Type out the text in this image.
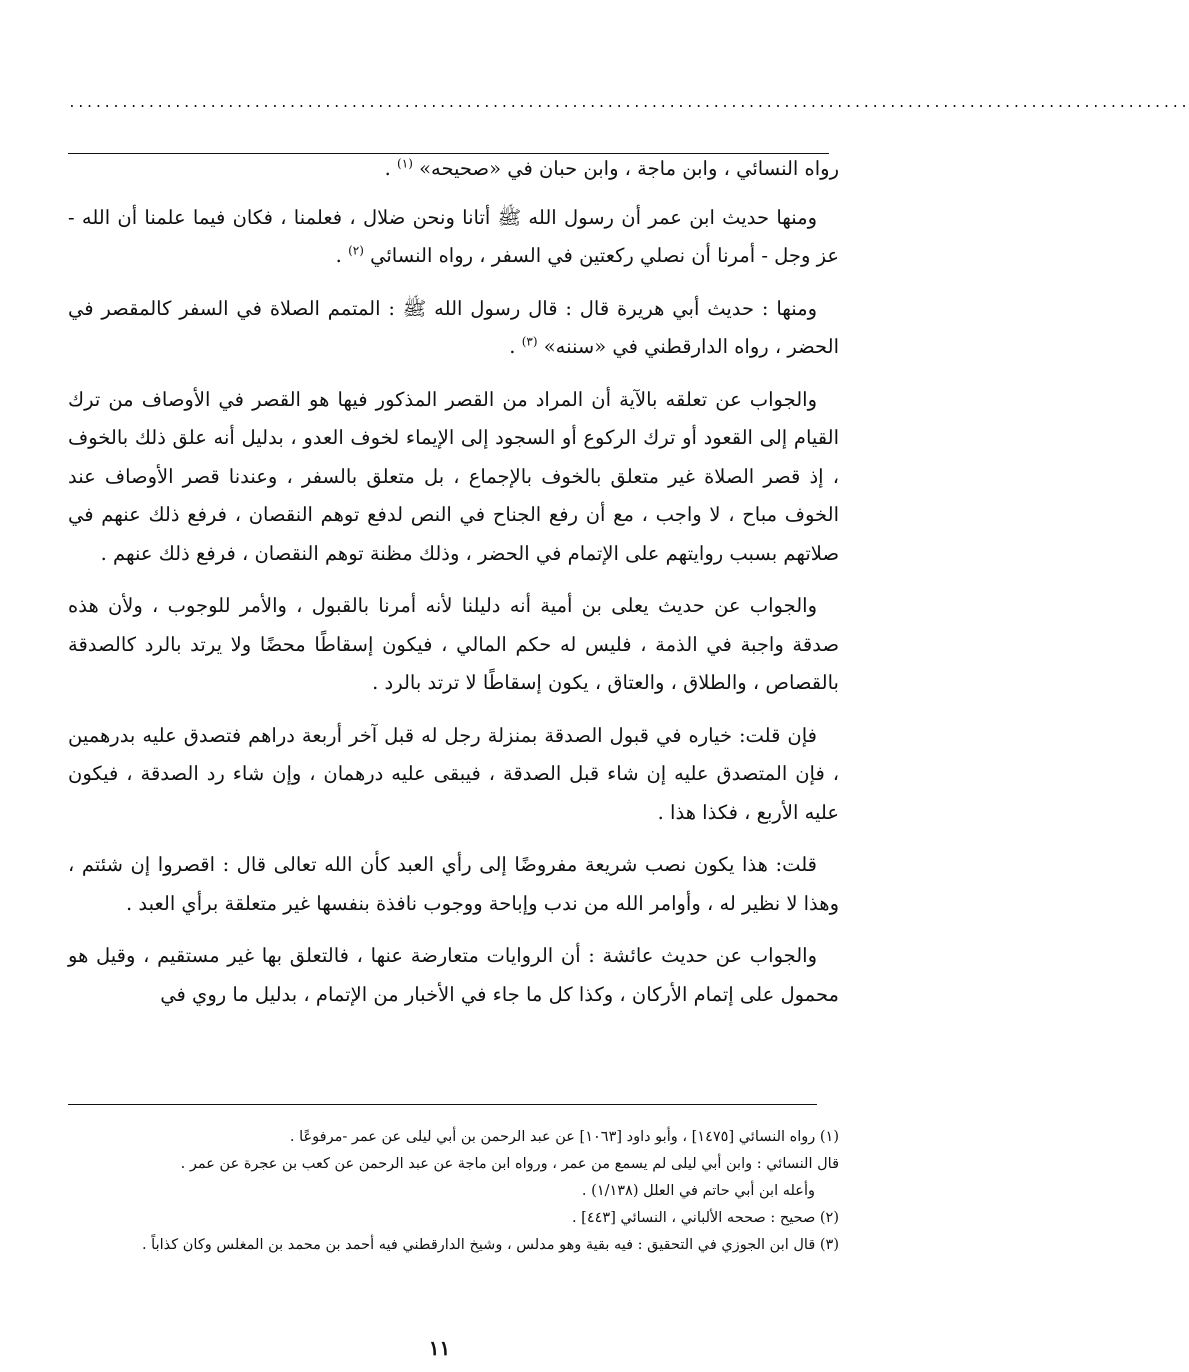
...............................................................................................................................

رواه النسائي ، وابن ماجة ، وابن حبان في «صحيحه» $^{(١)}$ .

ومنها حديث ابن عمر أن رسول الله ﷺ أتانا ونحن ضلال ، فعلمنا ، فكان فيما علمنا أن الله - عز وجل - أمرنا أن نصلي ركعتين في السفر ، رواه النسائي $^{(٢)}$ .

ومنها : حديث أبي هريرة قال : قال رسول الله ﷺ : المتمم الصلاة في السفر كالمقصر في الحضر ، رواه الدارقطني في «سننه» $^{(٣)}$ .

والجواب عن تعلقه بالآية أن المراد من القصر المذكور فيها هو القصر في الأوصاف من ترك القيام إلى القعود أو ترك الركوع أو السجود إلى الإيماء لخوف العدو ، بدليل أنه علق ذلك بالخوف ، إذ قصر الصلاة غير متعلق بالخوف بالإجماع ، بل متعلق بالسفر ، وعندنا قصر الأوصاف عند الخوف مباح ، لا واجب ، مع أن رفع الجناح في النص لدفع توهم النقصان ، فرفع ذلك عنهم في صلاتهم بسبب روايتهم على الإتمام في الحضر ، وذلك مظنة توهم النقصان ، فرفع ذلك عنهم .

والجواب عن حديث يعلى بن أمية أنه دليلنا لأنه أمرنا بالقبول ، والأمر للوجوب ، ولأن هذه صدقة واجبة في الذمة ، فليس له حكم المالي ، فيكون إسقاطًا محضًا ولا يرتد بالرد كالصدقة بالقصاص ، والطلاق ، والعتاق ، يكون إسقاطًا لا ترتد بالرد .

فإن قلت: خياره في قبول الصدقة بمنزلة رجل له قبل آخر أربعة دراهم فتصدق عليه بدرهمين ، فإن المتصدق عليه إن شاء قبل الصدقة ، فيبقى عليه درهمان ، وإن شاء رد الصدقة ، فيكون عليه الأربع ، فكذا هذا .

قلت: هذا يكون نصب شريعة مفروضًا إلى رأي العبد كأن الله تعالى قال : اقصروا إن شئتم ، وهذا لا نظير له ، وأوامر الله من ندب وإباحة ووجوب نافذة بنفسها غير متعلقة برأي العبد .

والجواب عن حديث عائشة : أن الروايات متعارضة عنها ، فالتعلق بها غير مستقيم ، وقيل هو محمول على إتمام الأركان ، وكذا كل ما جاء في الأخبار من الإتمام ، بدليل ما روي في

(١) رواه النسائي [١٤٧٥] ، وأبو داود [١٠٦٣] عن عبد الرحمن بن أبي ليلى عن عمر -مرفوعًا .

قال النسائي : وابن أبي ليلى لم يسمع من عمر ، ورواه ابن ماجة عن عبد الرحمن عن كعب بن عجرة عن عمر .

وأعله ابن أبي حاتم في العلل (١/١٣٨) .

(٢) صحيح : صححه الألباني ، النسائي [٤٤٣] .

(٣) قال ابن الجوزي في التحقيق : فيه بقية وهو مدلس ، وشيخ الدارقطني فيه أحمد بن محمد بن المغلس وكان كذاباً .

١١
